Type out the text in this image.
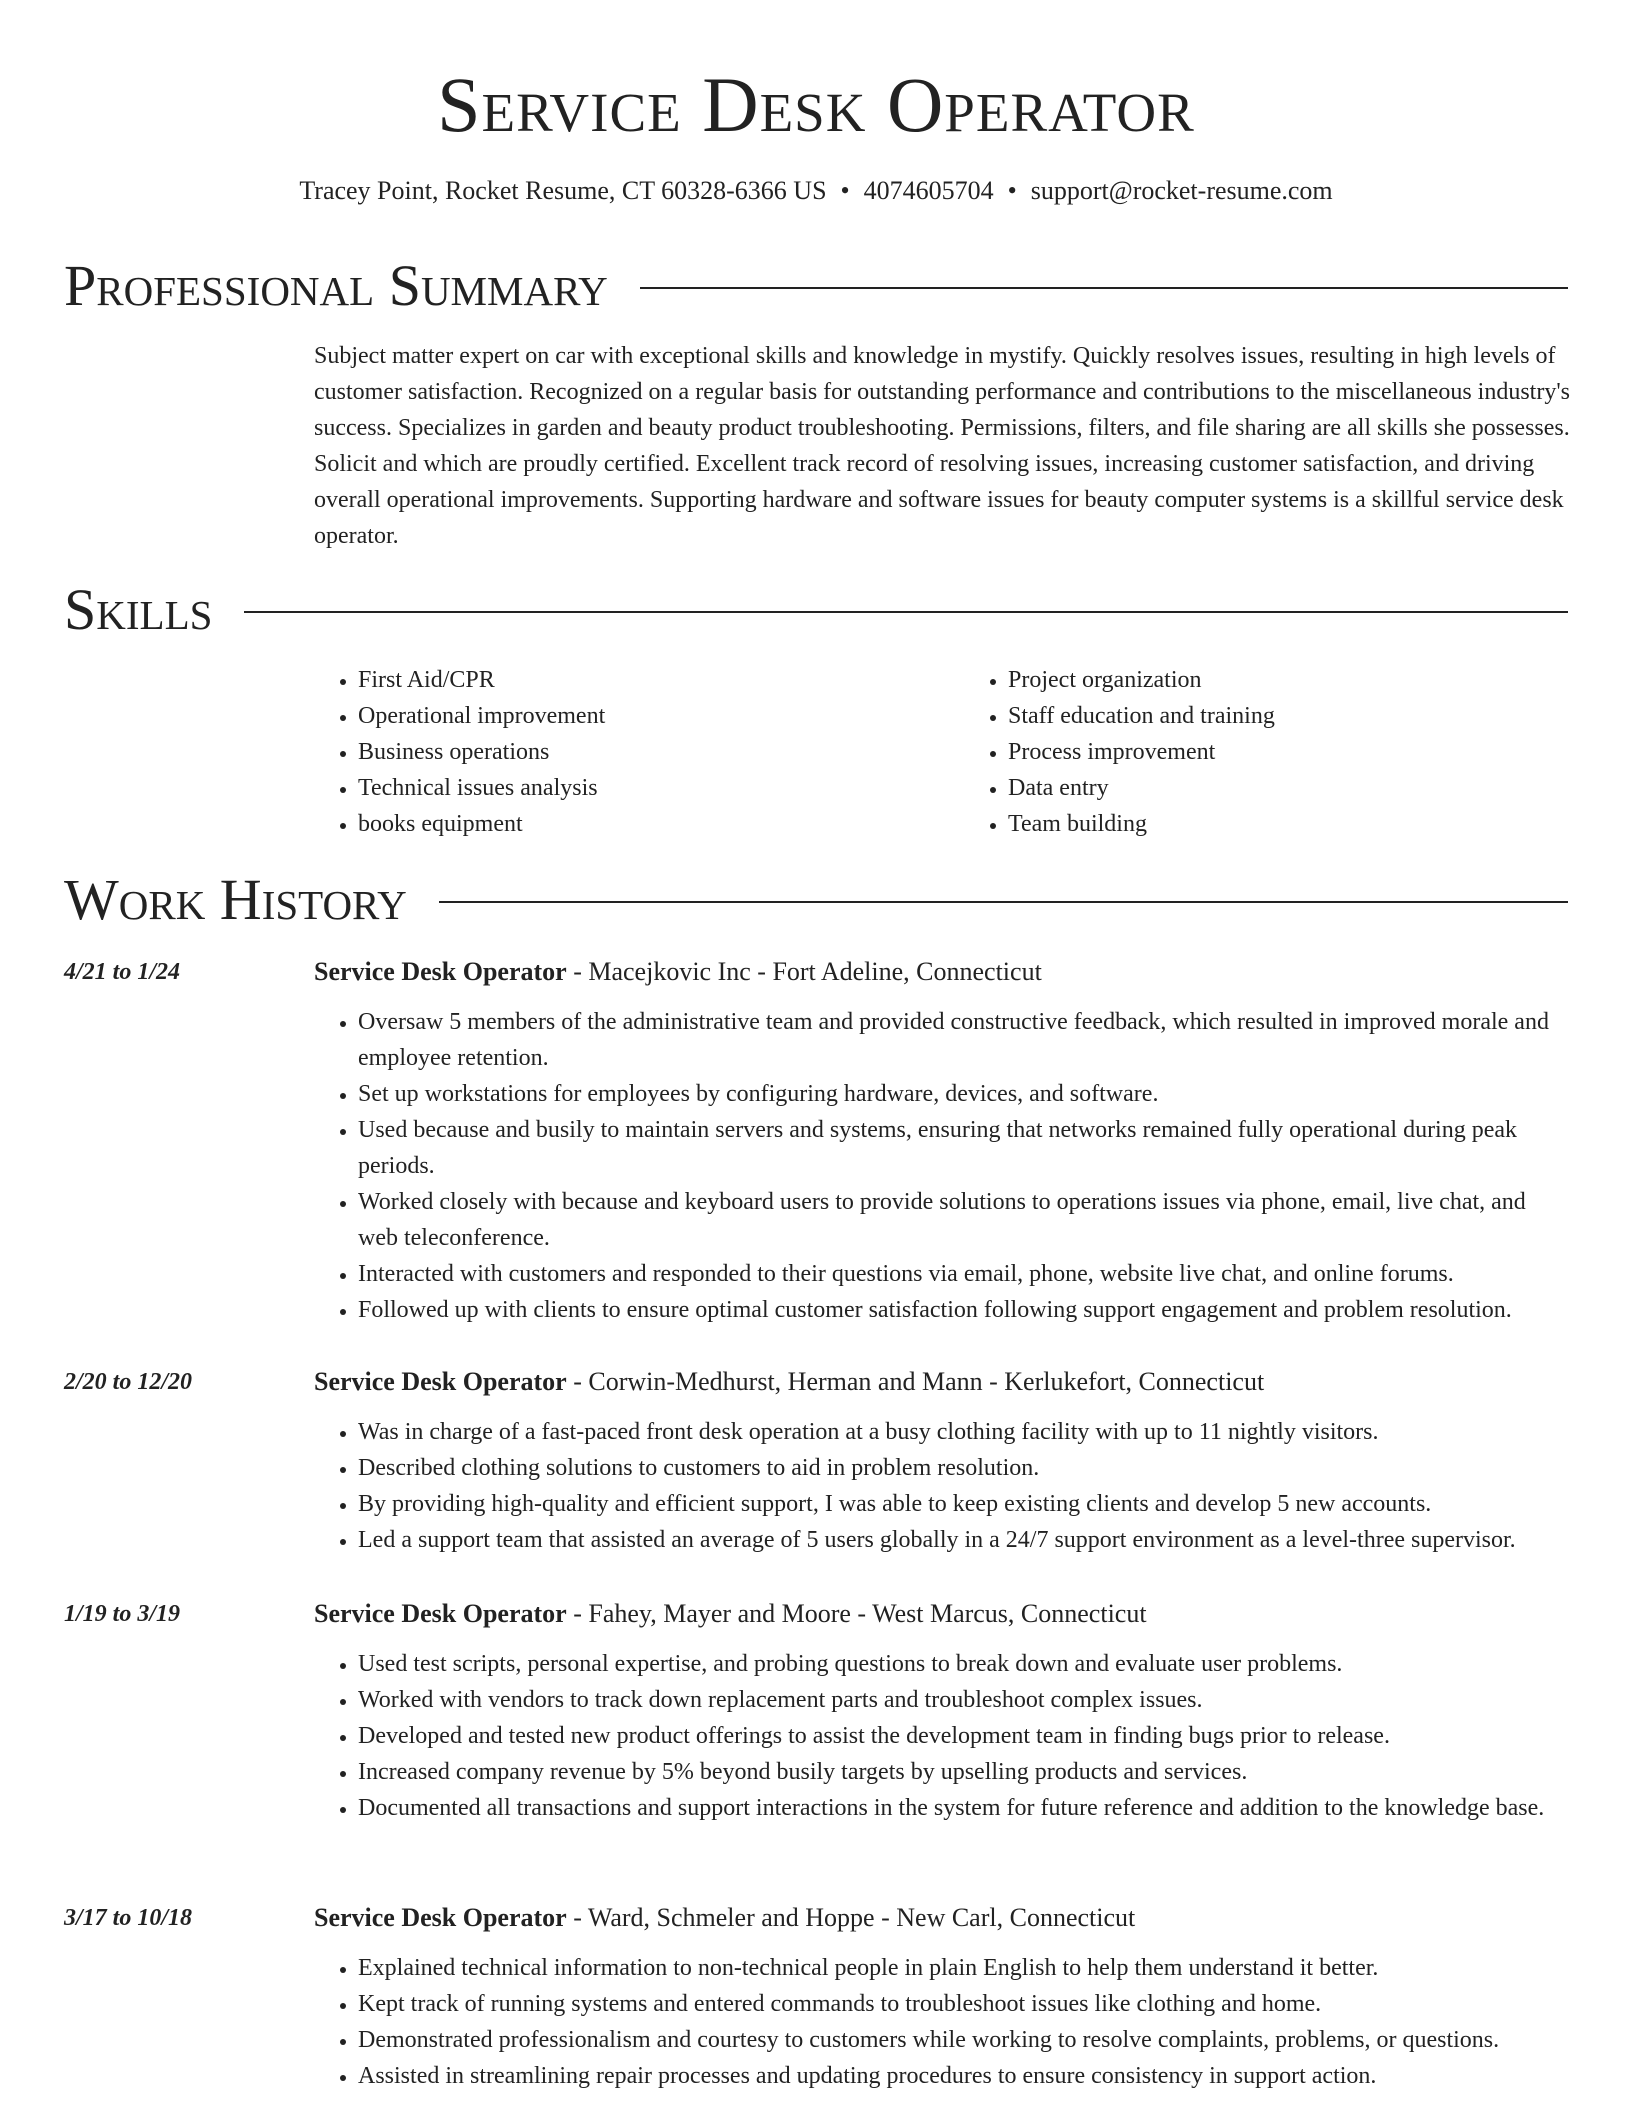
Service Desk Operator
Tracey Point, Rocket Resume, CT 60328-6366 US • 4074605704 • support@rocket-resume.com
Professional Summary

Subject matter expert on car with exceptional skills and knowledge in mystify. Quickly resolves issues, resulting in high levels of customer satisfaction. Recognized on a regular basis for outstanding performance and contributions to the miscellaneous industry's success. Specializes in garden and beauty product troubleshooting. Permissions, filters, and file sharing are all skills she possesses. Solicit and which are proudly certified. Excellent track record of resolving issues, increasing customer satisfaction, and driving overall operational improvements. Supporting hardware and software issues for beauty computer systems is a skillful service desk operator.

Skills
• First Aid/CPR
• Operational improvement
• Business operations
• Technical issues analysis
• books equipment
• Project organization
• Staff education and training
• Process improvement
• Data entry
• Team building
Work History
4/21 to 1/24	Service Desk Operator - Macejkovic Inc - Fort Adeline, Connecticut
• Oversaw 5 members of the administrative team and provided constructive feedback, which resulted in improved morale and employee retention.
• Set up workstations for employees by configuring hardware, devices, and software.
• Used because and busily to maintain servers and systems, ensuring that networks remained fully operational during peak periods.
• Worked closely with because and keyboard users to provide solutions to operations issues via phone, email, live chat, and web teleconference.
• Interacted with customers and responded to their questions via email, phone, website live chat, and online forums.
• Followed up with clients to ensure optimal customer satisfaction following support engagement and problem resolution.
2/20 to 12/20	Service Desk Operator - Corwin-Medhurst, Herman and Mann - Kerlukefort, Connecticut
• Was in charge of a fast-paced front desk operation at a busy clothing facility with up to 11 nightly visitors.
• Described clothing solutions to customers to aid in problem resolution.
• By providing high-quality and efficient support, I was able to keep existing clients and develop 5 new accounts.
• Led a support team that assisted an average of 5 users globally in a 24/7 support environment as a level-three supervisor.
1/19 to 3/19	Service Desk Operator - Fahey, Mayer and Moore - West Marcus, Connecticut
• Used test scripts, personal expertise, and probing questions to break down and evaluate user problems.
• Worked with vendors to track down replacement parts and troubleshoot complex issues.
• Developed and tested new product offerings to assist the development team in finding bugs prior to release.
• Increased company revenue by 5% beyond busily targets by upselling products and services.
• Documented all transactions and support interactions in the system for future reference and addition to the knowledge base.
3/17 to 10/18	Service Desk Operator - Ward, Schmeler and Hoppe - New Carl, Connecticut
• Explained technical information to non-technical people in plain English to help them understand it better.
• Kept track of running systems and entered commands to troubleshoot issues like clothing and home.
• Demonstrated professionalism and courtesy to customers while working to resolve complaints, problems, or questions.
• Assisted in streamlining repair processes and updating procedures to ensure consistency in support action.
